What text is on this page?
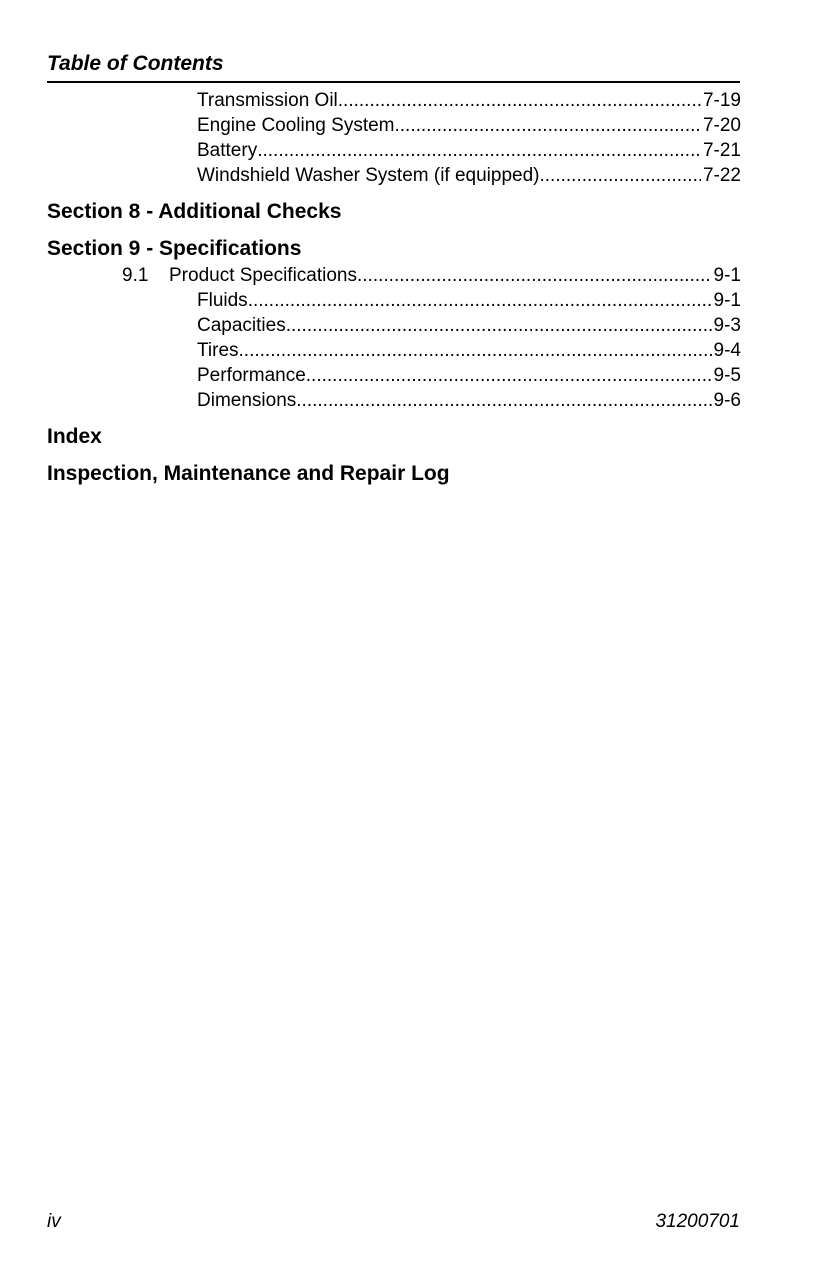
Table of Contents
Transmission Oil .....	7-19
Engine Cooling System .....	7-20
Battery .....	7-21
Windshield Washer System (if equipped) .....	7-22
Section 8 - Additional Checks
Section 9 - Specifications
9.1	Product Specifications .....	9-1
Fluids .....	9-1
Capacities .....	9-3
Tires .....	9-4
Performance .....	9-5
Dimensions .....	9-6
Index
Inspection, Maintenance and Repair Log
iv	31200701
